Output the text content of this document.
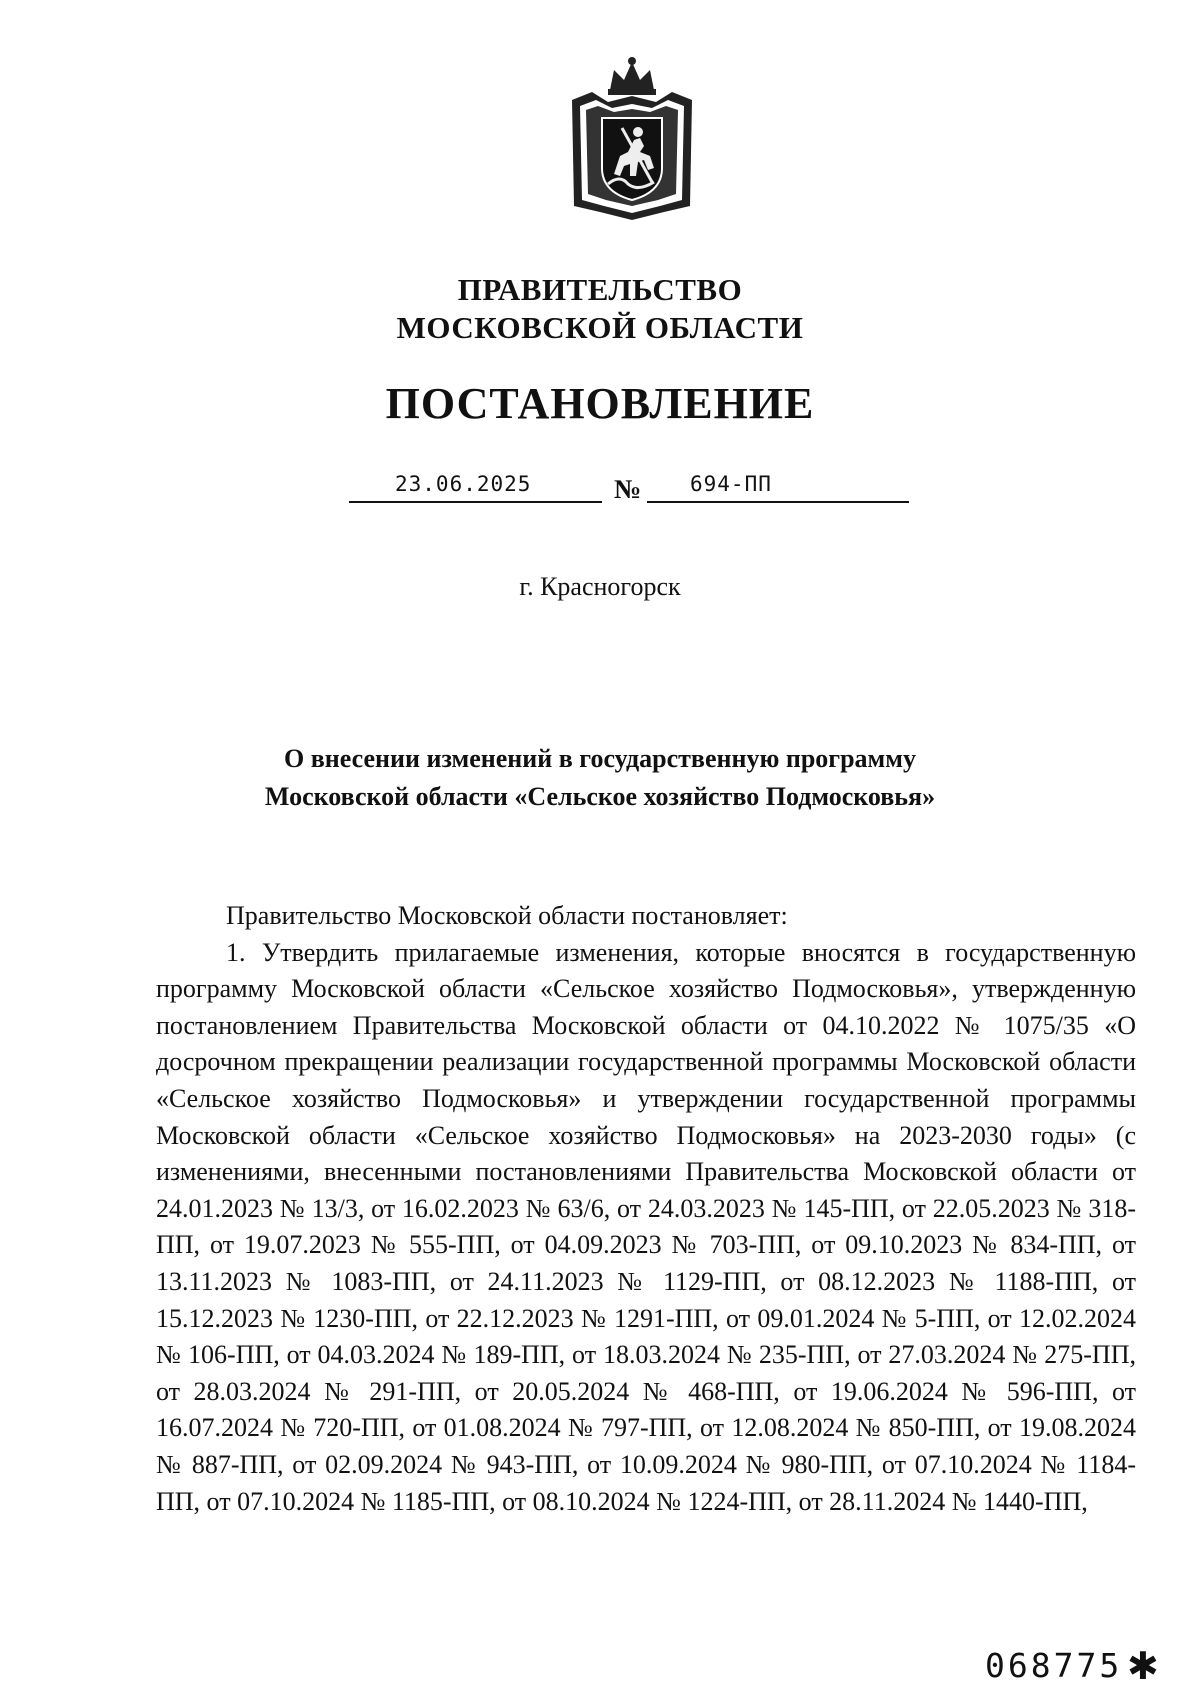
ПРАВИТЕЛЬСТВО
МОСКОВСКОЙ ОБЛАСТИ
ПОСТАНОВЛЕНИЕ
23.06.2025	№ 694-ПП
г. Красногорск
О внесении изменений в государственную программу
Московской области «Сельское хозяйство Подмосковья»
Правительство Московской области постановляет:
1. Утвердить прилагаемые изменения, которые вносятся в государственную программу Московской области «Сельское хозяйство Подмосковья», утвержденную постановлением Правительства Московской области от 04.10.2022 № 1075/35 «О досрочном прекращении реализации государственной программы Московской области «Сельское хозяйство Подмосковья» и утверждении государственной программы Московской области «Сельское хозяйство Подмосковья» на 2023-2030 годы» (с изменениями, внесенными постановлениями Правительства Московской области от 24.01.2023 № 13/3, от 16.02.2023 № 63/6, от 24.03.2023 № 145-ПП, от 22.05.2023 № 318-ПП, от 19.07.2023 № 555-ПП, от 04.09.2023 № 703-ПП, от 09.10.2023 № 834-ПП, от 13.11.2023 № 1083-ПП, от 24.11.2023 № 1129-ПП, от 08.12.2023 № 1188-ПП, от 15.12.2023 № 1230-ПП, от 22.12.2023 № 1291-ПП, от 09.01.2024 № 5-ПП, от 12.02.2024 № 106-ПП, от 04.03.2024 № 189-ПП, от 18.03.2024 № 235-ПП, от 27.03.2024 № 275-ПП, от 28.03.2024 № 291-ПП, от 20.05.2024 № 468-ПП, от 19.06.2024 № 596-ПП, от 16.07.2024 № 720-ПП, от 01.08.2024 № 797-ПП, от 12.08.2024 № 850-ПП, от 19.08.2024 № 887-ПП, от 02.09.2024 № 943-ПП, от 10.09.2024 № 980-ПП, от 07.10.2024 № 1184-ПП, от 07.10.2024 № 1185-ПП, от 08.10.2024 № 1224-ПП, от 28.11.2024 № 1440-ПП,
068775 ✱
